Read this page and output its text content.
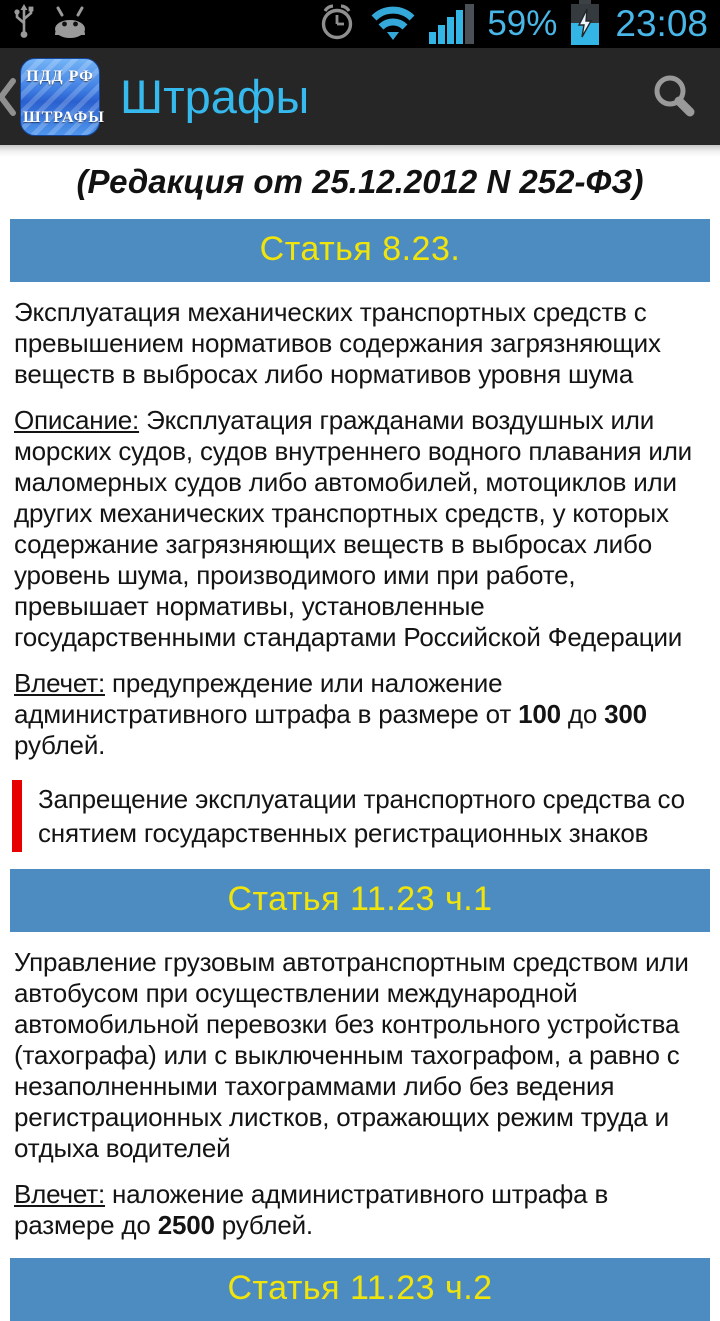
59% 23:08
ПДД РФ
ШТРАФЫ Штрафы
(Редакция от 25.12.2012 N 252-ФЗ)
Статья 8.23.

Эксплуатация механических транспортных средств с превышением нормативов содержания загрязняющих веществ в выбросах либо нормативов уровня шума

Описание: Эксплуатация гражданами воздушных или морских судов, судов внутреннего водного плавания или маломерных судов либо автомобилей, мотоциклов или других механических транспортных средств, у которых содержание загрязняющих веществ в выбросах либо уровень шума, производимого ими при работе, превышает нормативы, установленные государственными стандартами Российской Федерации

Влечет: предупреждение или наложение административного штрафа в размере от 100 до 300 рублей.

Запрещение эксплуатации транспортного средства со снятием государственных регистрационных знаков

Статья 11.23 ч.1

Управление грузовым автотранспортным средством или автобусом при осуществлении международной автомобильной перевозки без контрольного устройства (тахографа) или с выключенным тахографом, а равно с незаполненными тахограммами либо без ведения регистрационных листков, отражающих режим труда и отдыха водителей

Влечет: наложение административного штрафа в размере до 2500 рублей.

Статья 11.23 ч.2
